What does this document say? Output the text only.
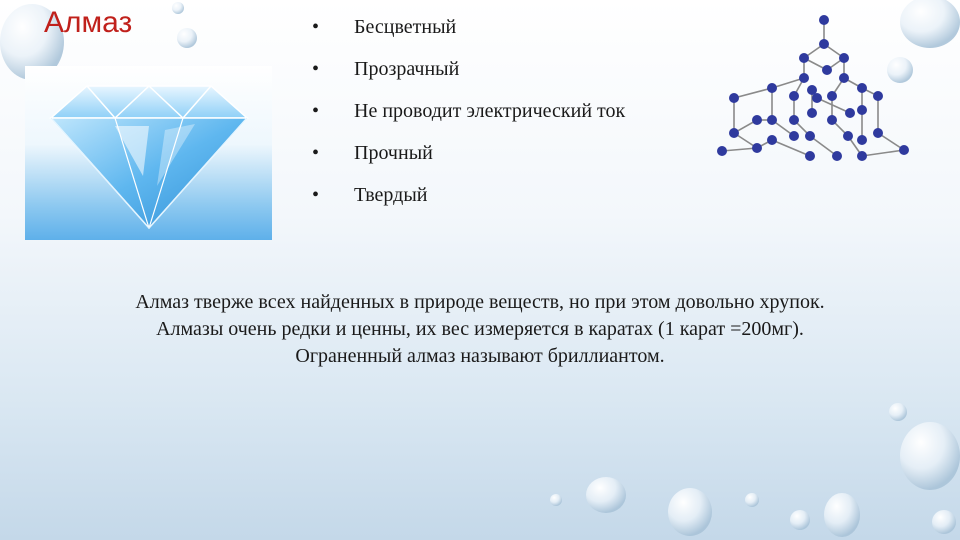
Алмаз	• Бесцветный
• Прозрачный
• Не проводит электрический ток
• Прочный
• Твердый

Алмаз тверже всех найденных в природе веществ, но при этом довольно хрупок.
Алмазы очень редки и ценны, их вес измеряется в каратах (1 карат =200мг).
Ограненный алмаз называют бриллиантом.
